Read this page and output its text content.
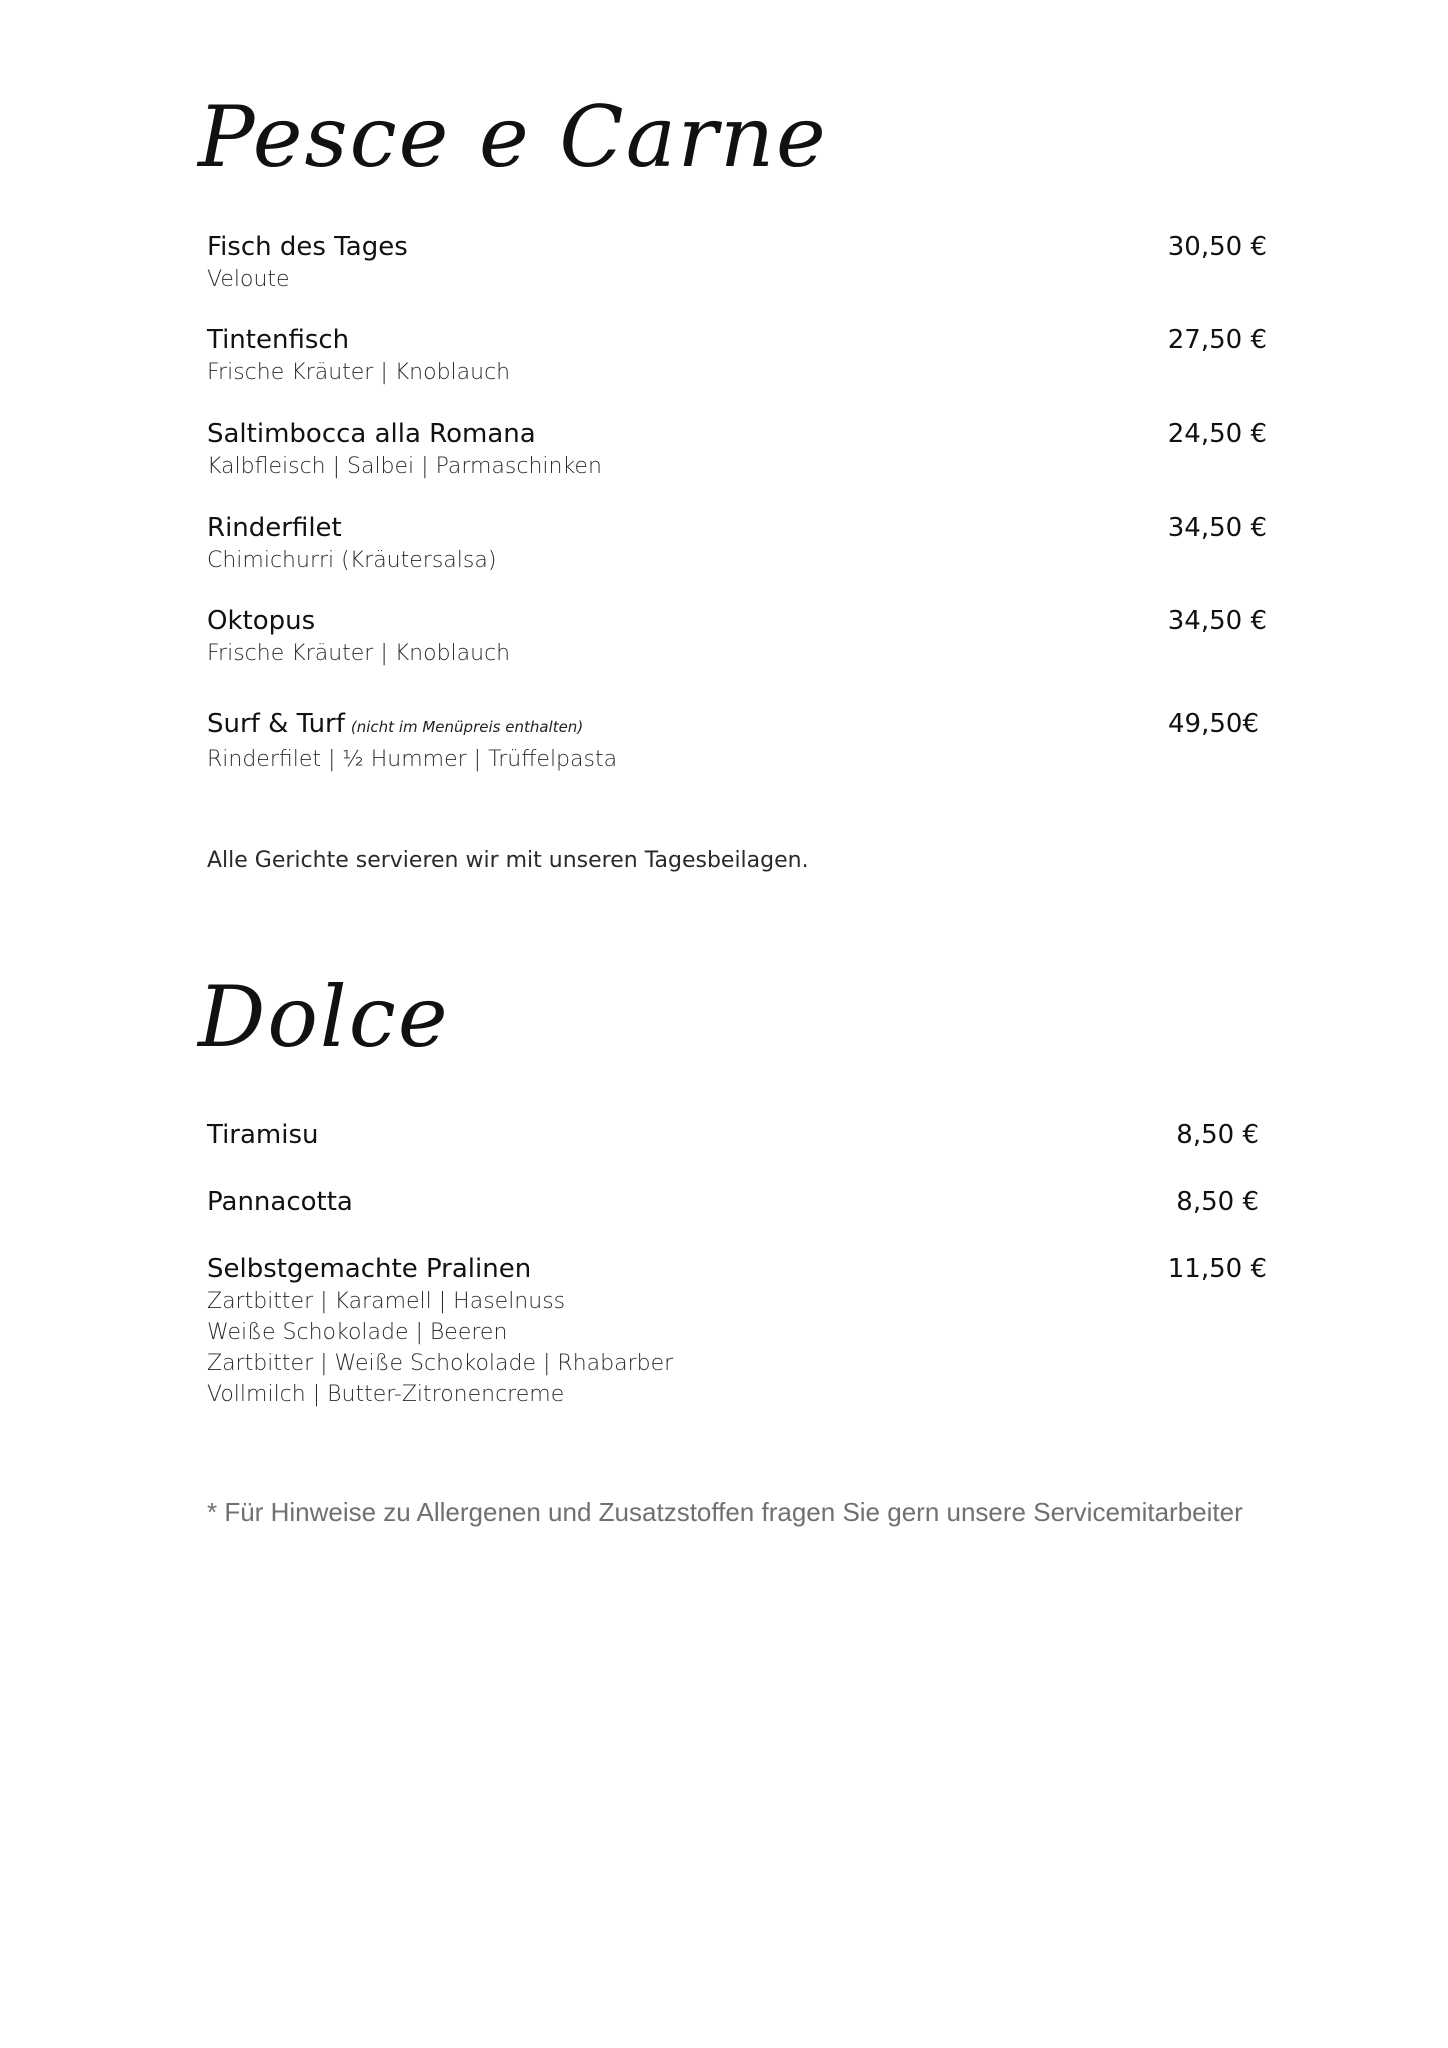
Pesce e Carne
Fisch des Tages
Veloute
30,50 €
Tintenfisch
Frische Kräuter | Knoblauch
27,50 €
Saltimbocca alla Romana
Kalbfleisch | Salbei | Parmaschinken
24,50 €
Rinderfilet
Chimichurri (Kräutersalsa)
34,50 €
Oktopus
Frische Kräuter | Knoblauch
34,50 €
Surf & Turf (nicht im Menüpreis enthalten)
Rinderfilet | ½ Hummer | Trüffelpasta
49,50€
Alle Gerichte servieren wir mit unseren Tagesbeilagen.
Dolce
Tiramisu	8,50 €
Pannacotta	8,50 €
Selbstgemachte Pralinen
Zartbitter | Karamell | Haselnuss
Weiße Schokolade | Beeren
Zartbitter | Weiße Schokolade | Rhabarber
Vollmilch | Butter-Zitronencreme
11,50 €
* Für Hinweise zu Allergenen und Zusatzstoffen fragen Sie gern unsere Servicemitarbeiter
